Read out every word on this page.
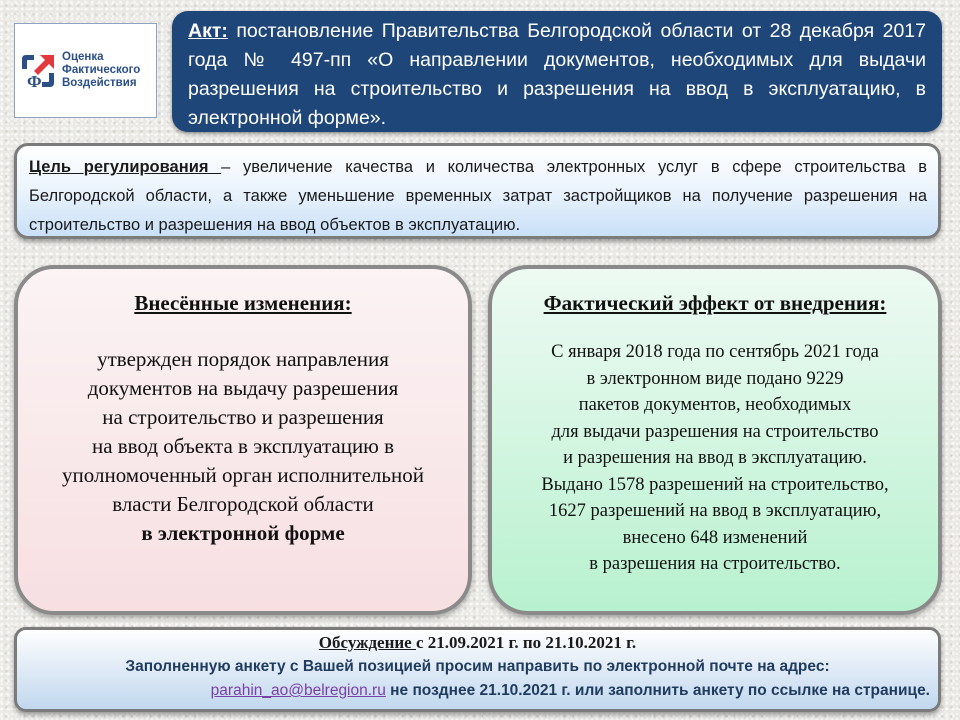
Ф
Оценка
Фактического
Воздействия
Акт: постановление Правительства Белгородской области от 28 декабря 2017 года № 497-пп «О направлении документов, необходимых для выдачи разрешения на строительство и разрешения на ввод в эксплуатацию, в электронной форме».
Цель регулирования – увеличение качества и количества электронных услуг в сфере строительства в Белгородской области, а также уменьшение временных затрат застройщиков на получение разрешения на строительство и разрешения на ввод объектов в эксплуатацию.
Внесённые изменения:
утвержден порядок направления
документов на выдачу разрешения
на строительство и разрешения
на ввод объекта в эксплуатацию в
уполномоченный орган исполнительной
власти Белгородской области
в электронной форме
Фактический эффект от внедрения:
С января 2018 года по сентябрь 2021 года
в электронном виде подано 9229
пакетов документов, необходимых
для выдачи разрешения на строительство
и разрешения на ввод в эксплуатацию.
Выдано 1578 разрешений на строительство,
1627 разрешений на ввод в эксплуатацию,
внесено 648 изменений
в разрешения на строительство.
Обсуждение с 21.09.2021 г. по 21.10.2021 г.
Заполненную анкету с Вашей позицией просим направить по электронной почте на адрес:
parahin_ao@belregion.ru не позднее 21.10.2021 г. или заполнить анкету по ссылке на странице.
